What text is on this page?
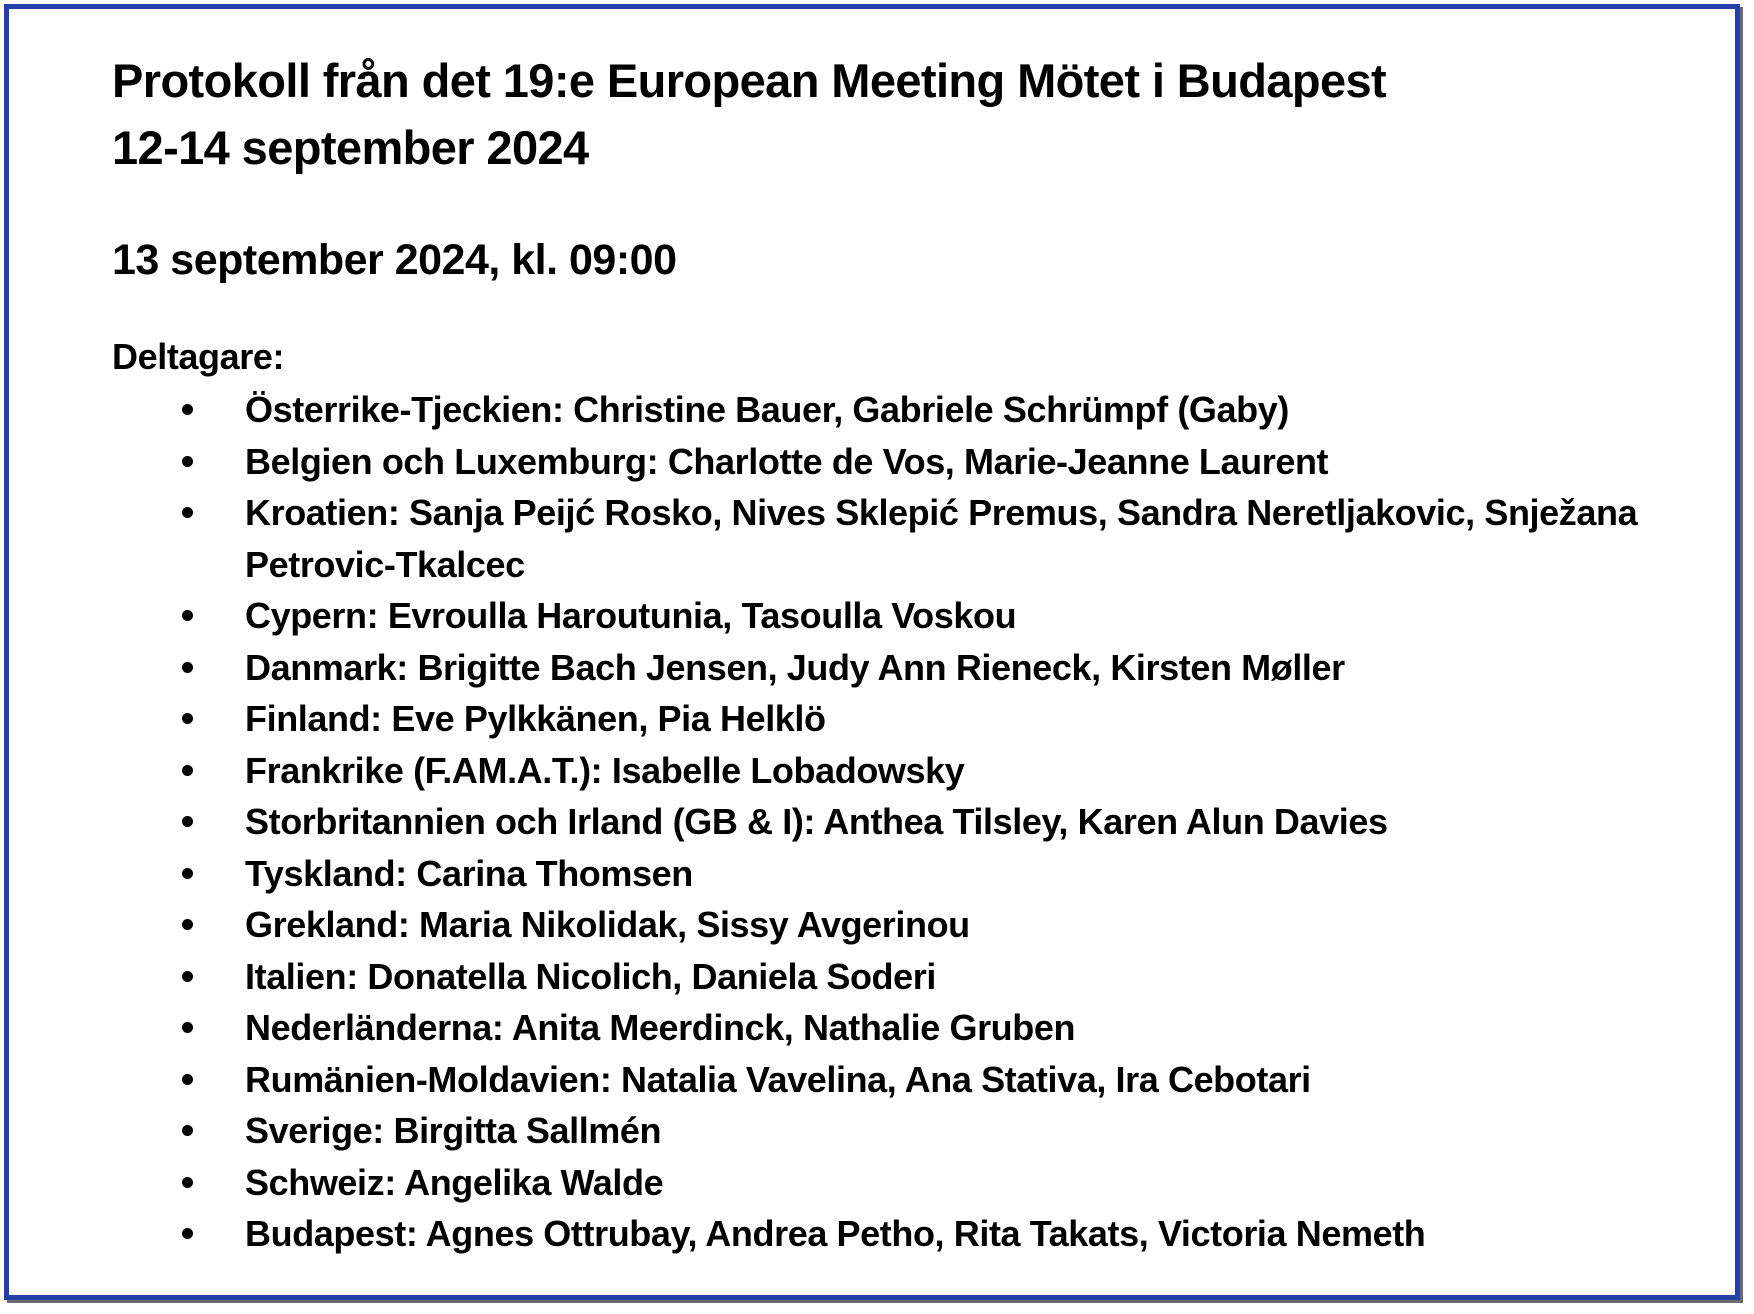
Protokoll från det 19:e European Meeting Mötet i Budapest
12-14 september 2024

13 september 2024, kl. 09:00

Deltagare:

Österrike-Tjeckien: Christine Bauer, Gabriele Schrümpf (Gaby)
Belgien och Luxemburg: Charlotte de Vos, Marie-Jeanne Laurent
Kroatien: Sanja Peijć Rosko, Nives Sklepić Premus, Sandra Neretljakovic, Snježana Petrovic-Tkalcec
Cypern: Evroulla Haroutunia, Tasoulla Voskou
Danmark: Brigitte Bach Jensen, Judy Ann Rieneck, Kirsten Møller
Finland: Eve Pylkkänen, Pia Helklö
Frankrike (F.AM.A.T.): Isabelle Lobadowsky
Storbritannien och Irland (GB & I): Anthea Tilsley, Karen Alun Davies
Tyskland: Carina Thomsen
Grekland: Maria Nikolidak, Sissy Avgerinou
Italien: Donatella Nicolich, Daniela Soderi
Nederländerna: Anita Meerdinck, Nathalie Gruben
Rumänien-Moldavien: Natalia Vavelina, Ana Stativa, Ira Cebotari
Sverige: Birgitta Sallmén
Schweiz: Angelika Walde
Budapest: Agnes Ottrubay, Andrea Petho, Rita Takats, Victoria Nemeth
